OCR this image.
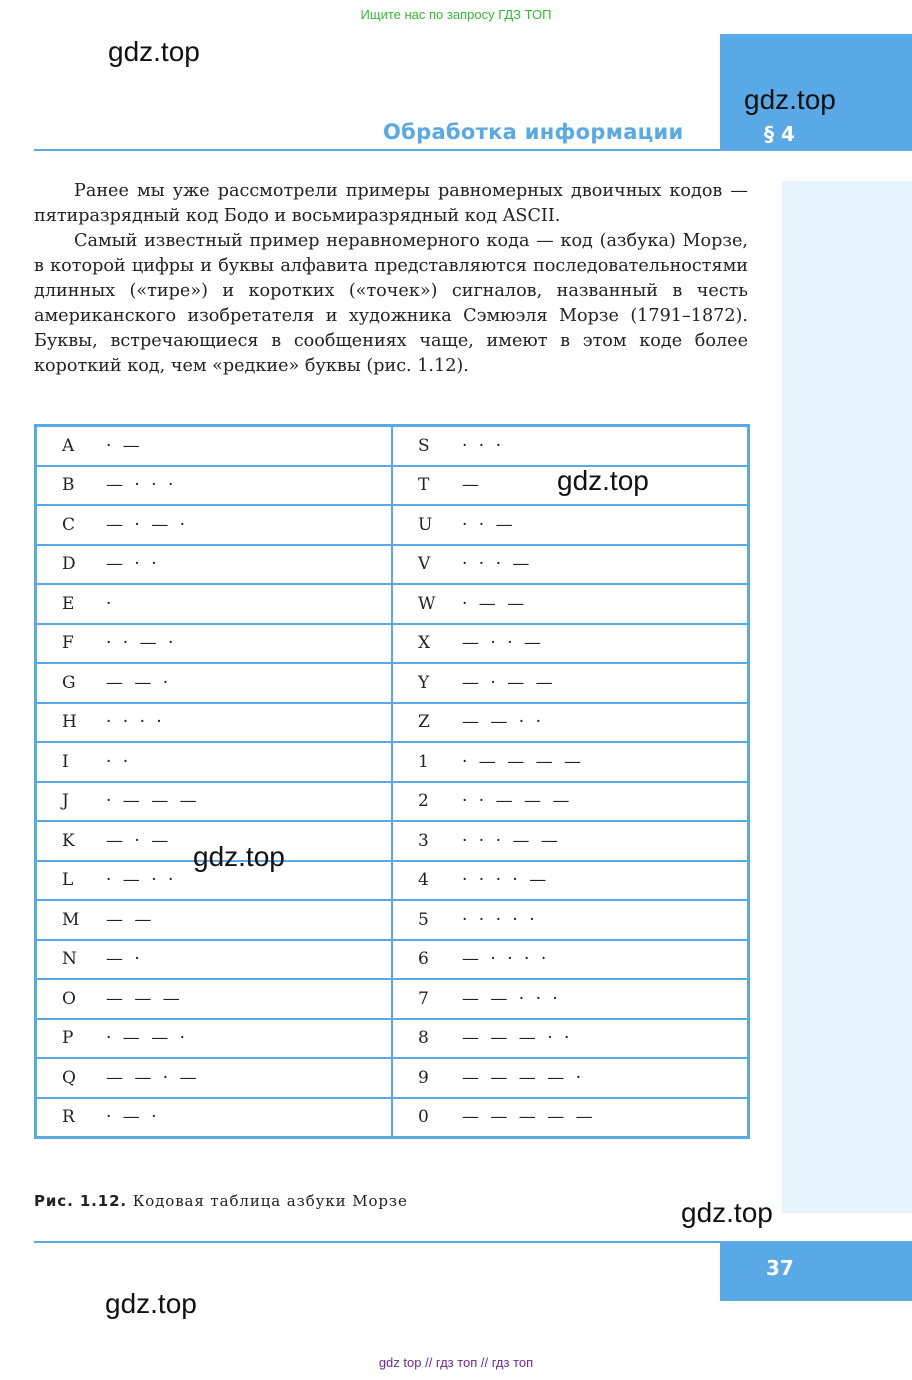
Ищите нас по запросу ГДЗ ТОП
Обработка информации	§ 4

Ранее мы уже рассмотрели примеры равномерных двоичных кодов — пятиразрядный код Бодо и восьмиразрядный код ASCII.

Самый известный пример неравномерного кода — код (азбука) Морзе, в которой цифры и буквы алфавита представляются последовательностями длинных («тире») и коротких («точек») сигналов, названный в честь американского изобретателя и художника Сэмюэля Морзе (1791–1872). Буквы, встречающиеся в сообщениях чаще, имеют в этом коде более короткий код, чем «редкие» буквы (рис. 1.12).

A · —	S · · ·
B — · · ·	T —
C — · — ·	U · · —
D — · ·	V · · · —
E ·	W · — —
F · · — ·	X — · · —
G — — ·	Y — · — —
H · · · ·	Z — — · ·
I · ·	1 · — — — —
J · — — —	2 · · — — —
K — · —	3 · · · — —
L · — · ·	4 · · · · —
M — —	5 · · · · ·
N — ·	6 — · · · ·
O — — —	7 — — · · ·
P · — — ·	8 — — — · ·
Q — — · —	9 — — — — ·
R · — ·	0 — — — — —
Рис. 1.12. Кодовая таблица азбуки Морзе
37
gdz.top
gdz.top
gdz.top
gdz.top
gdz.top
gdz.top
gdz top // гдз топ // гдз топ
